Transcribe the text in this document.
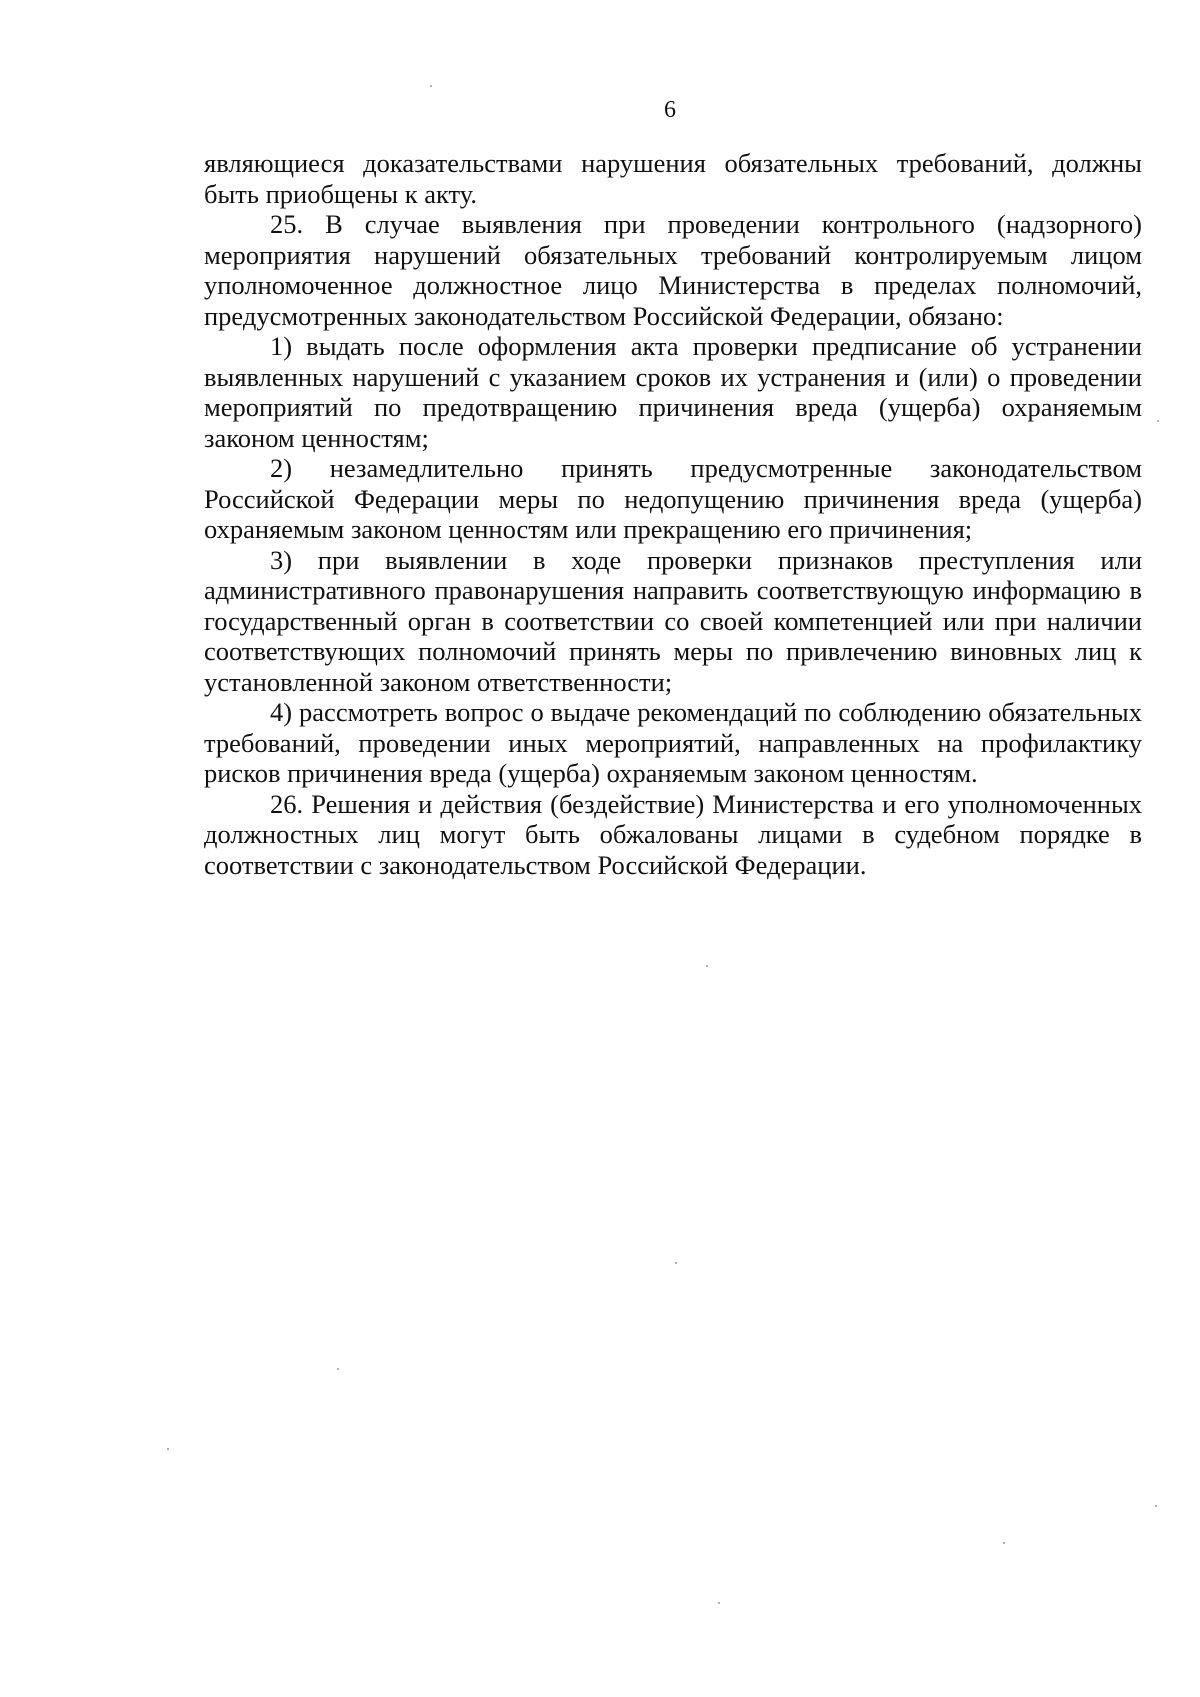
6

являющиеся доказательствами нарушения обязательных требований, должны быть приобщены к акту.

25. В случае выявления при проведении контрольного (надзорного) мероприятия нарушений обязательных требований контролируемым лицом уполномоченное должностное лицо Министерства в пределах полномочий, предусмотренных законодательством Российской Федерации, обязано:

1) выдать после оформления акта проверки предписание об устранении выявленных нарушений с указанием сроков их устранения и (или) о проведении мероприятий по предотвращению причинения вреда (ущерба) охраняемым законом ценностям;

2) незамедлительно принять предусмотренные законодательством Российской Федерации меры по недопущению причинения вреда (ущерба) охраняемым законом ценностям или прекращению его причинения;

3) при выявлении в ходе проверки признаков преступления или административного правонарушения направить соответствующую информацию в государственный орган в соответствии со своей компетенцией или при наличии соответствующих полномочий принять меры по привлечению виновных лиц к установленной законом ответственности;

4) рассмотреть вопрос о выдаче рекомендаций по соблюдению обязательных требований, проведении иных мероприятий, направленных на профилактику рисков причинения вреда (ущерба) охраняемым законом ценностям.

26. Решения и действия (бездействие) Министерства и его уполномоченных должностных лиц могут быть обжалованы лицами в судебном порядке в соответствии с законодательством Российской Федерации.
